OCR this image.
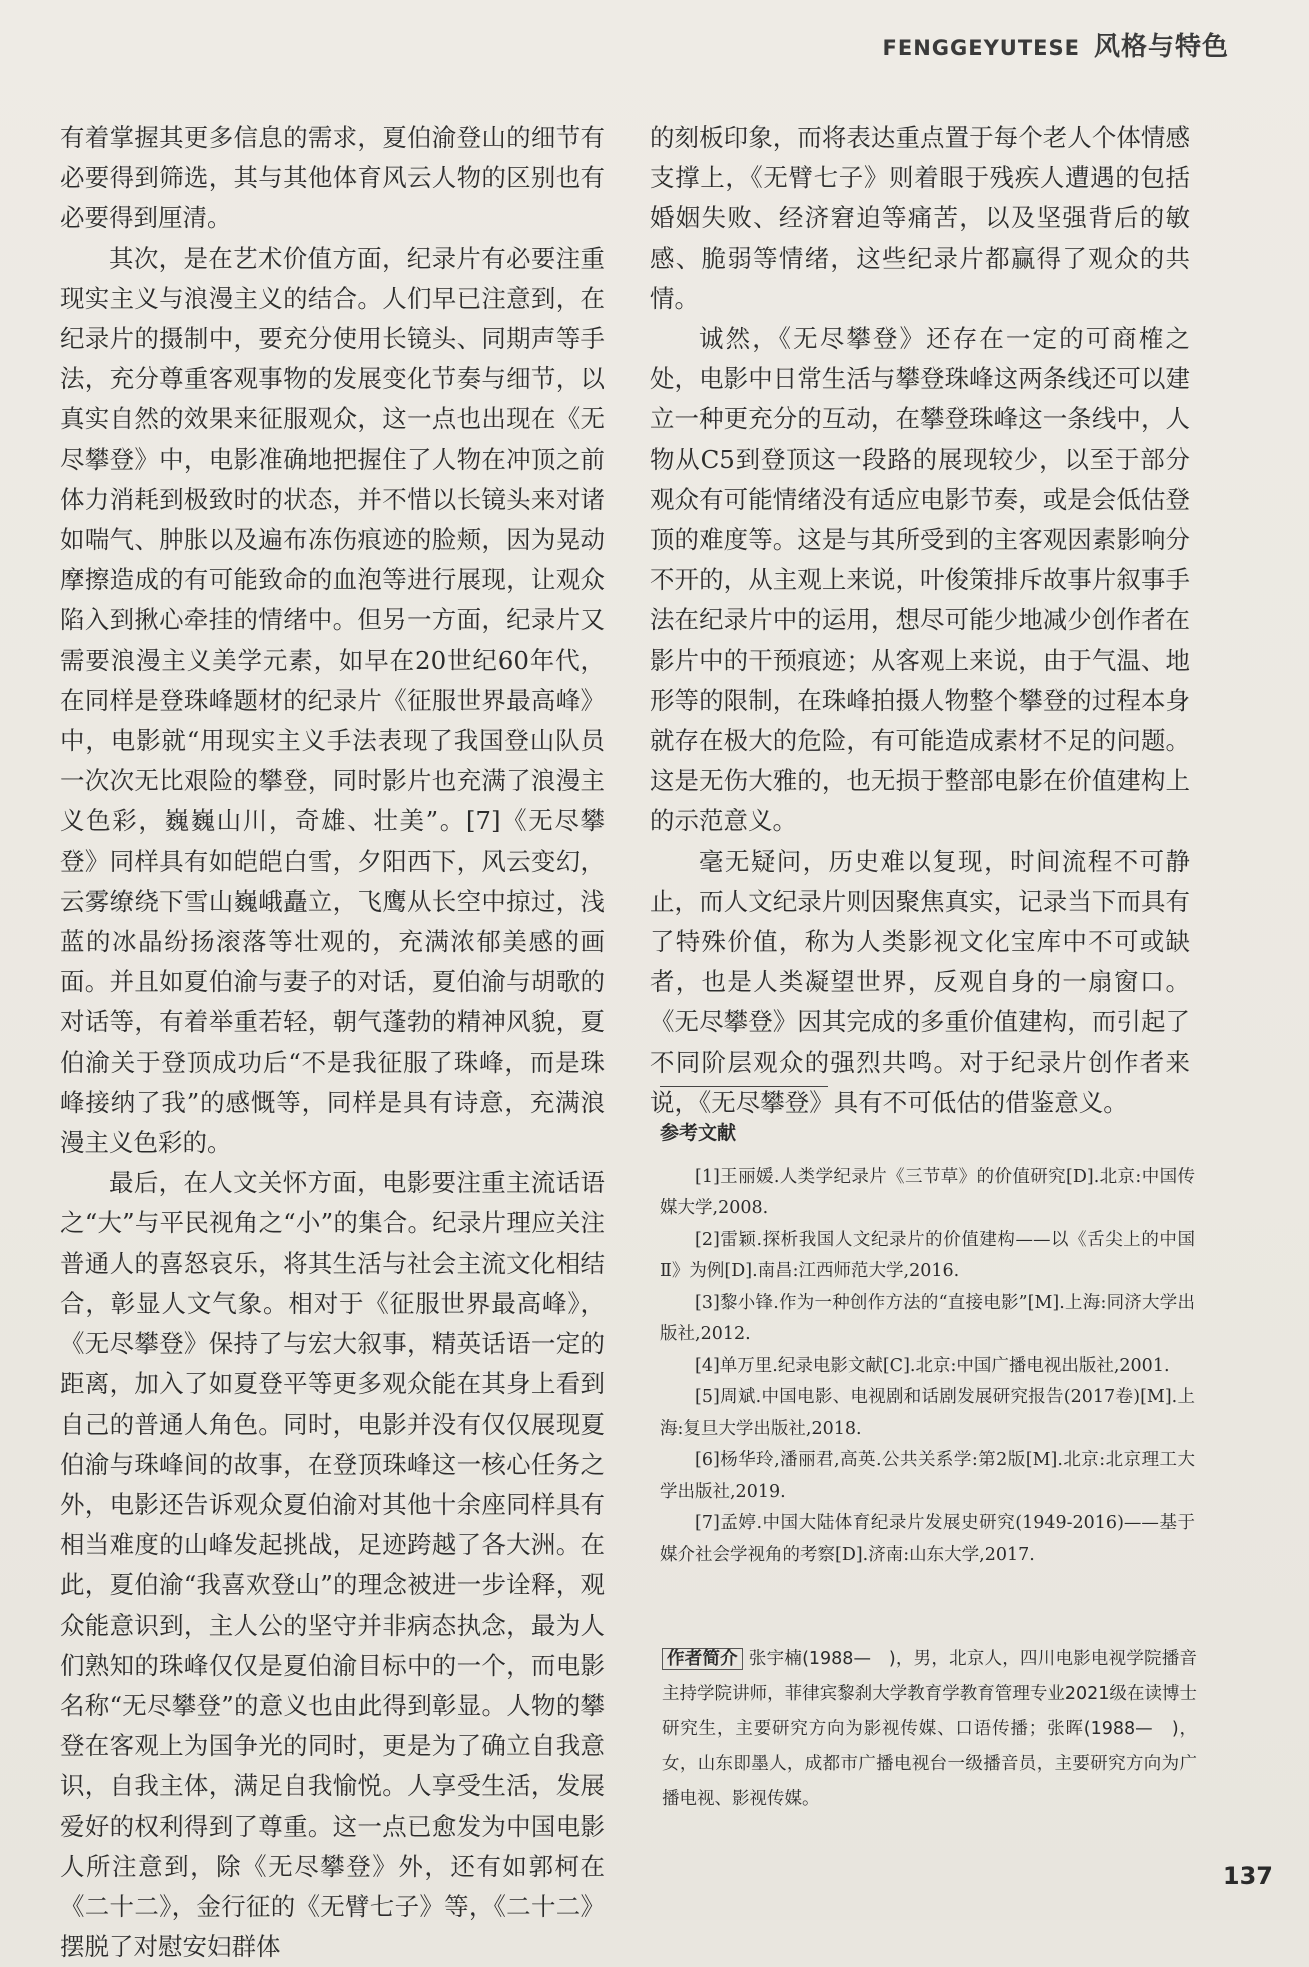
FENGGEYUTESE 风格与特色

有着掌握其更多信息的需求，夏伯渝登山的细节有必要得到筛选，其与其他体育风云人物的区别也有必要得到厘清。

其次，是在艺术价值方面，纪录片有必要注重现实主义与浪漫主义的结合。人们早已注意到，在纪录片的摄制中，要充分使用长镜头、同期声等手法，充分尊重客观事物的发展变化节奏与细节，以真实自然的效果来征服观众，这一点也出现在《无尽攀登》中，电影准确地把握住了人物在冲顶之前体力消耗到极致时的状态，并不惜以长镜头来对诸如喘气、肿胀以及遍布冻伤痕迹的脸颊，因为晃动摩擦造成的有可能致命的血泡等进行展现，让观众陷入到揪心牵挂的情绪中。但另一方面，纪录片又需要浪漫主义美学元素，如早在20世纪60年代，在同样是登珠峰题材的纪录片《征服世界最高峰》中，电影就“用现实主义手法表现了我国登山队员一次次无比艰险的攀登，同时影片也充满了浪漫主义色彩，巍巍山川，奇雄、壮美”。[7]《无尽攀登》同样具有如皑皑白雪，夕阳西下，风云变幻，云雾缭绕下雪山巍峨矗立，飞鹰从长空中掠过，浅蓝的冰晶纷扬滚落等壮观的，充满浓郁美感的画面。并且如夏伯渝与妻子的对话，夏伯渝与胡歌的对话等，有着举重若轻，朝气蓬勃的精神风貌，夏伯渝关于登顶成功后“不是我征服了珠峰，而是珠峰接纳了我”的感慨等，同样是具有诗意，充满浪漫主义色彩的。

最后，在人文关怀方面，电影要注重主流话语之“大”与平民视角之“小”的集合。纪录片理应关注普通人的喜怒哀乐，将其生活与社会主流文化相结合，彰显人文气象。相对于《征服世界最高峰》，《无尽攀登》保持了与宏大叙事，精英话语一定的距离，加入了如夏登平等更多观众能在其身上看到自己的普通人角色。同时，电影并没有仅仅展现夏伯渝与珠峰间的故事，在登顶珠峰这一核心任务之外，电影还告诉观众夏伯渝对其他十余座同样具有相当难度的山峰发起挑战，足迹跨越了各大洲。在此，夏伯渝“我喜欢登山”的理念被进一步诠释，观众能意识到，主人公的坚守并非病态执念，最为人们熟知的珠峰仅仅是夏伯渝目标中的一个，而电影名称“无尽攀登”的意义也由此得到彰显。人物的攀登在客观上为国争光的同时，更是为了确立自我意识，自我主体，满足自我愉悦。人享受生活，发展爱好的权利得到了尊重。这一点已愈发为中国电影人所注意到，除《无尽攀登》外，还有如郭柯在《二十二》，金行征的《无臂七子》等，《二十二》摆脱了对慰安妇群体

的刻板印象，而将表达重点置于每个老人个体情感支撑上，《无臂七子》则着眼于残疾人遭遇的包括婚姻失败、经济窘迫等痛苦，以及坚强背后的敏感、脆弱等情绪，这些纪录片都赢得了观众的共情。

诚然，《无尽攀登》还存在一定的可商榷之处，电影中日常生活与攀登珠峰这两条线还可以建立一种更充分的互动，在攀登珠峰这一条线中，人物从C5到登顶这一段路的展现较少，以至于部分观众有可能情绪没有适应电影节奏，或是会低估登顶的难度等。这是与其所受到的主客观因素影响分不开的，从主观上来说，叶俊策排斥故事片叙事手法在纪录片中的运用，想尽可能少地减少创作者在影片中的干预痕迹；从客观上来说，由于气温、地形等的限制，在珠峰拍摄人物整个攀登的过程本身就存在极大的危险，有可能造成素材不足的问题。这是无伤大雅的，也无损于整部电影在价值建构上的示范意义。

毫无疑问，历史难以复现，时间流程不可静止，而人文纪录片则因聚焦真实，记录当下而具有了特殊价值，称为人类影视文化宝库中不可或缺者，也是人类凝望世界，反观自身的一扇窗口。《无尽攀登》因其完成的多重价值建构，而引起了不同阶层观众的强烈共鸣。对于纪录片创作者来说，《无尽攀登》具有不可低估的借鉴意义。

参考文献

[1]王丽媛.人类学纪录片《三节草》的价值研究[D].北京:中国传媒大学,2008.

[2]雷颖.探析我国人文纪录片的价值建构——以《舌尖上的中国Ⅱ》为例[D].南昌:江西师范大学,2016.

[3]黎小锋.作为一种创作方法的“直接电影”[M].上海:同济大学出版社,2012.

[4]单万里.纪录电影文献[C].北京:中国广播电视出版社,2001.

[5]周斌.中国电影、电视剧和话剧发展研究报告(2017卷)[M].上海:复旦大学出版社,2018.

[6]杨华玲,潘丽君,高英.公共关系学:第2版[M].北京:北京理工大学出版社,2019.

[7]孟婷.中国大陆体育纪录片发展史研究(1949-2016)——基于媒介社会学视角的考察[D].济南:山东大学,2017.

作者简介 张宇楠(1988—　)，男，北京人，四川电影电视学院播音主持学院讲师，菲律宾黎刹大学教育学教育管理专业2021级在读博士研究生，主要研究方向为影视传媒、口语传播；张晖(1988—　)，女，山东即墨人，成都市广播电视台一级播音员，主要研究方向为广播电视、影视传媒。
137
